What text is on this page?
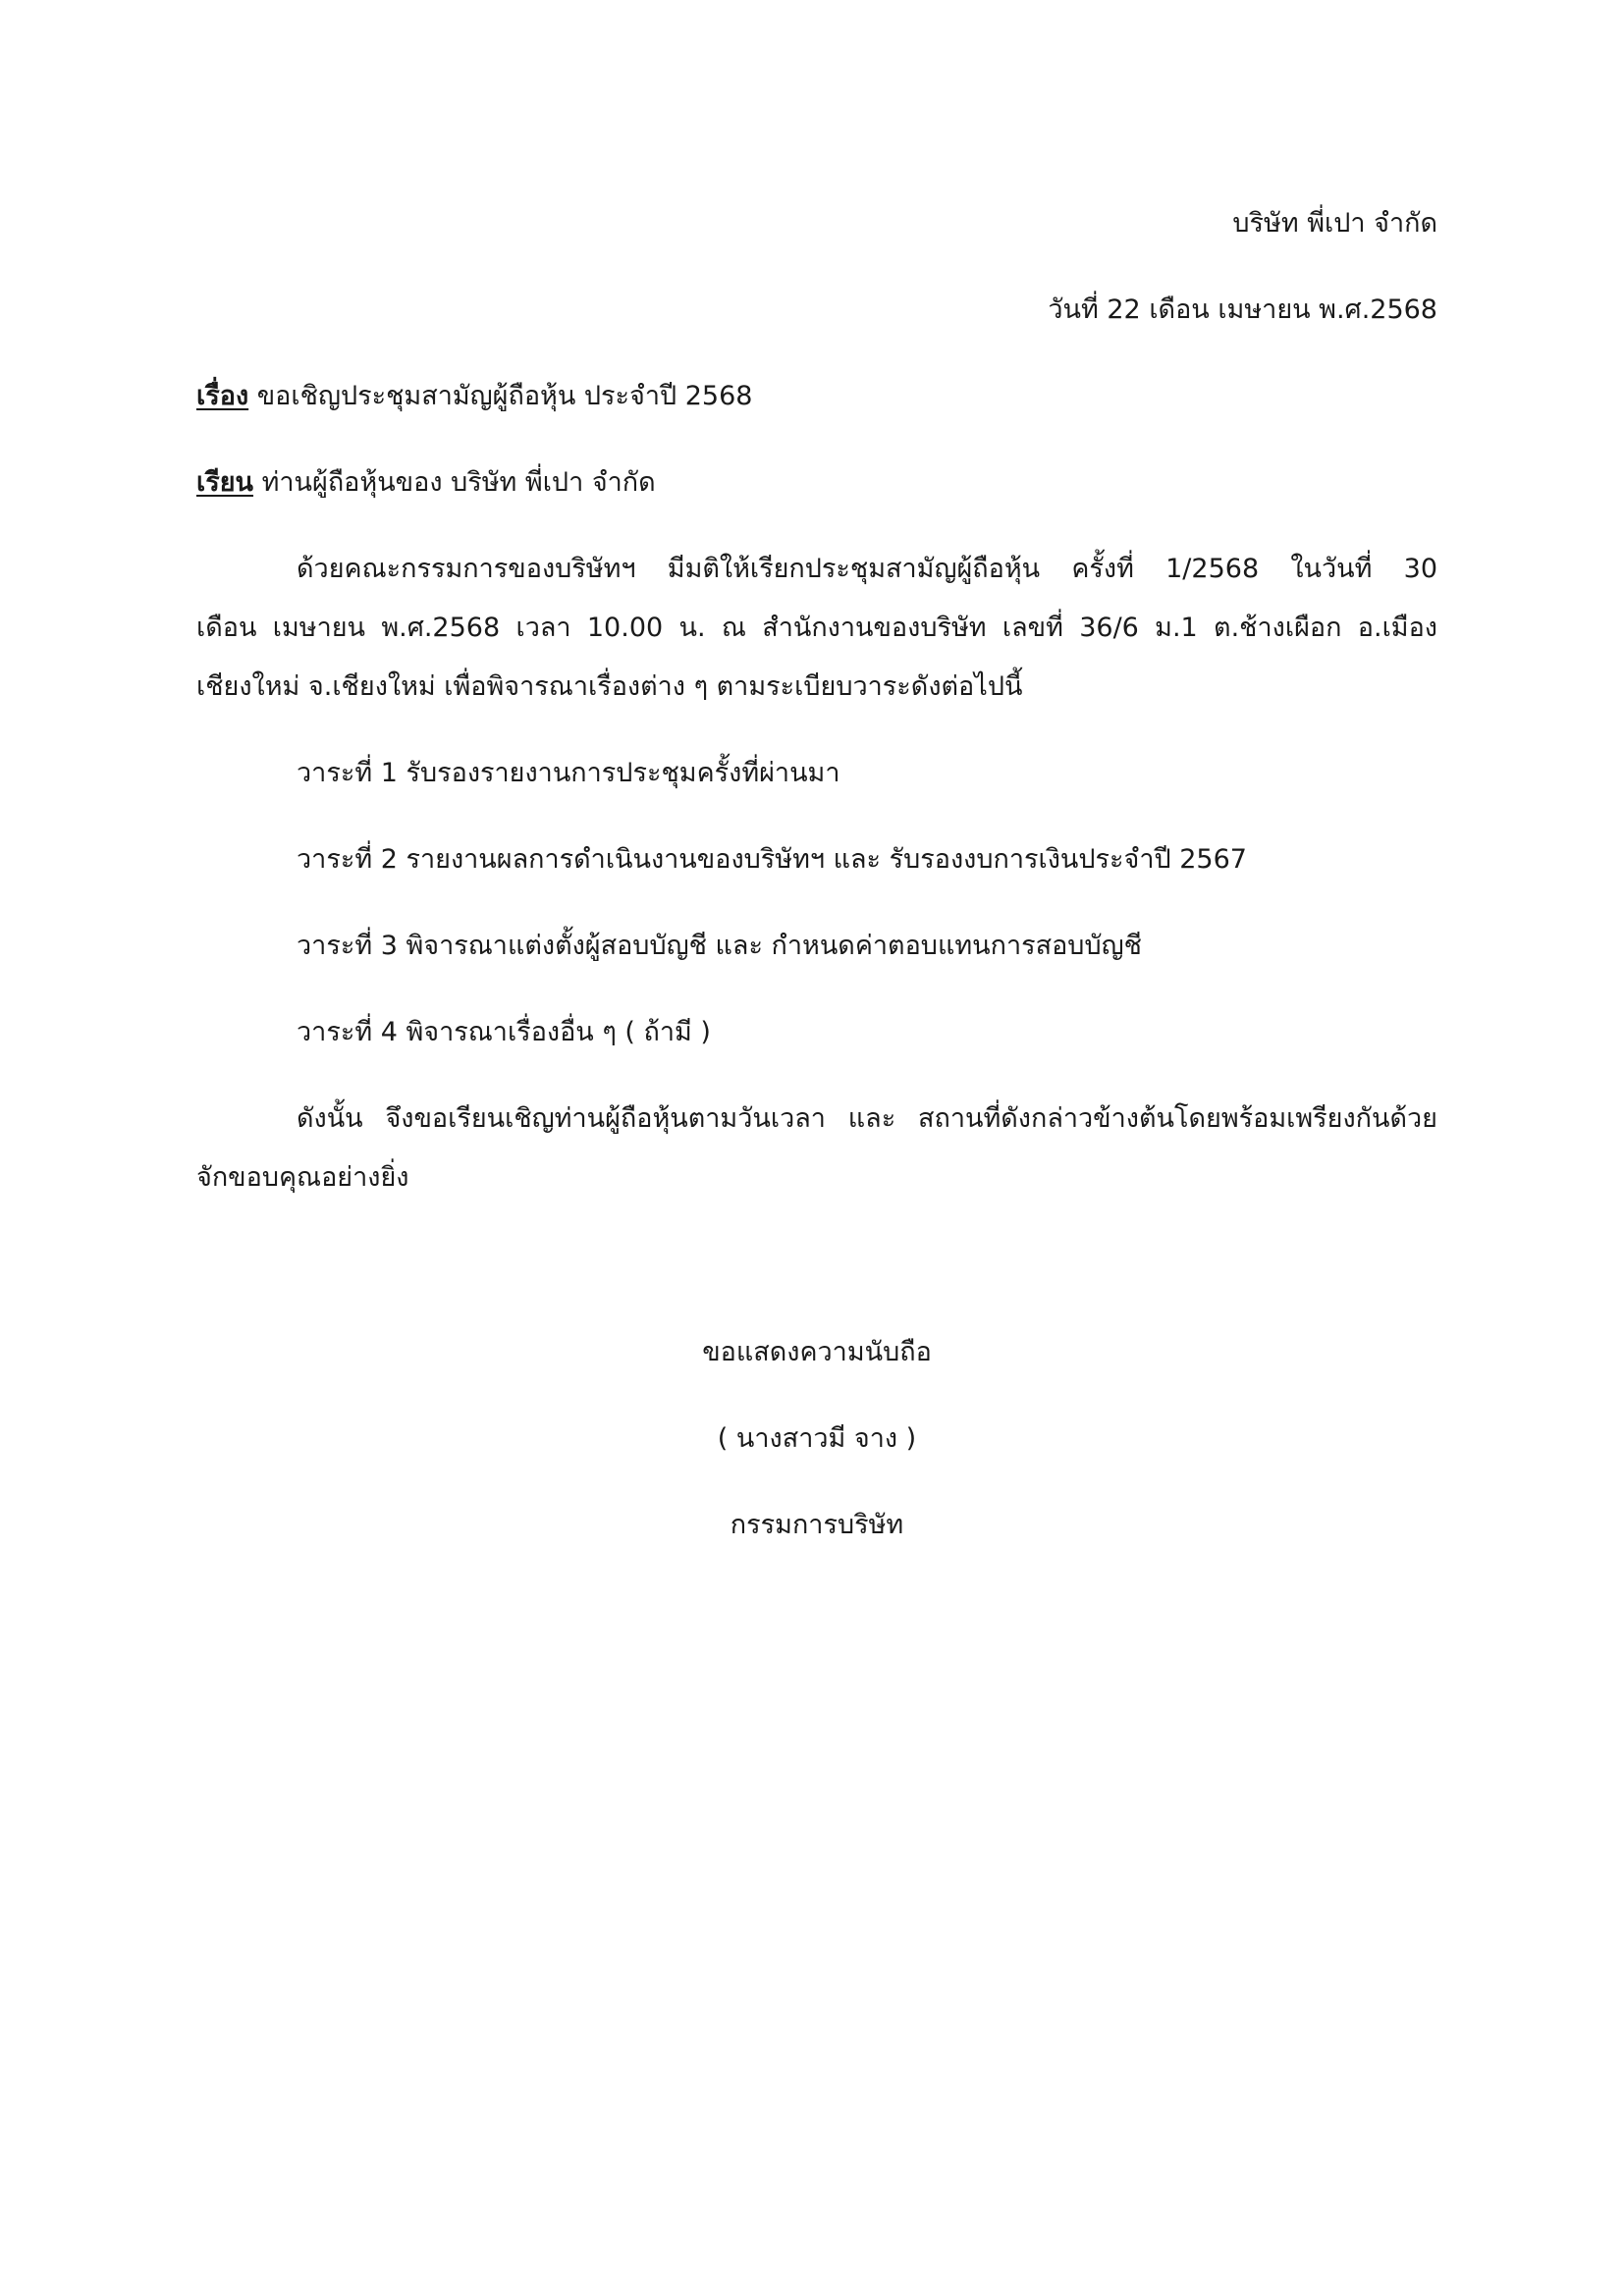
บริษัท พี่เปา จำกัด
วันที่ 22 เดือน เมษายน พ.ศ.2568
เรื่อง ขอเชิญประชุมสามัญผู้ถือหุ้น ประจำปี 2568
เรียน ท่านผู้ถือหุ้นของ บริษัท พี่เปา จำกัด
ด้วยคณะกรรมการของบริษัทฯ มีมติให้เรียกประชุมสามัญผู้ถือหุ้น ครั้งที่ 1/2568 ในวันที่ 30
เดือน เมษายน พ.ศ.2568 เวลา 10.00 น. ณ สำนักงานของบริษัท เลขที่ 36/6 ม.1 ต.ช้างเผือก อ.เมือง
เชียงใหม่ จ.เชียงใหม่ เพื่อพิจารณาเรื่องต่าง ๆ ตามระเบียบวาระดังต่อไปนี้
วาระที่ 1 รับรองรายงานการประชุมครั้งที่ผ่านมา
วาระที่ 2 รายงานผลการดำเนินงานของบริษัทฯ และ รับรองงบการเงินประจำปี 2567
วาระที่ 3 พิจารณาแต่งตั้งผู้สอบบัญชี และ กำหนดค่าตอบแทนการสอบบัญชี
วาระที่ 4 พิจารณาเรื่องอื่น ๆ ( ถ้ามี )
ดังนั้น จึงขอเรียนเชิญท่านผู้ถือหุ้นตามวันเวลา และ สถานที่ดังกล่าวข้างต้นโดยพร้อมเพรียงกันด้วย
จักขอบคุณอย่างยิ่ง
ขอแสดงความนับถือ
( นางสาวมี จาง )
กรรมการบริษัท
